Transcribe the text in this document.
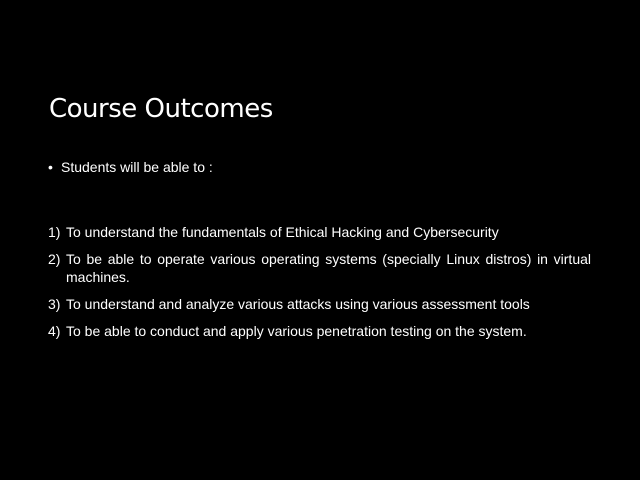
Course Outcomes
• Students will be able to :
1) To understand the fundamentals of Ethical Hacking and Cybersecurity
2) To be able to operate various operating systems (specially Linux distros) in virtual machines.
3) To understand and analyze various attacks using various assessment tools
4) To be able to conduct and apply various penetration testing on the system.
